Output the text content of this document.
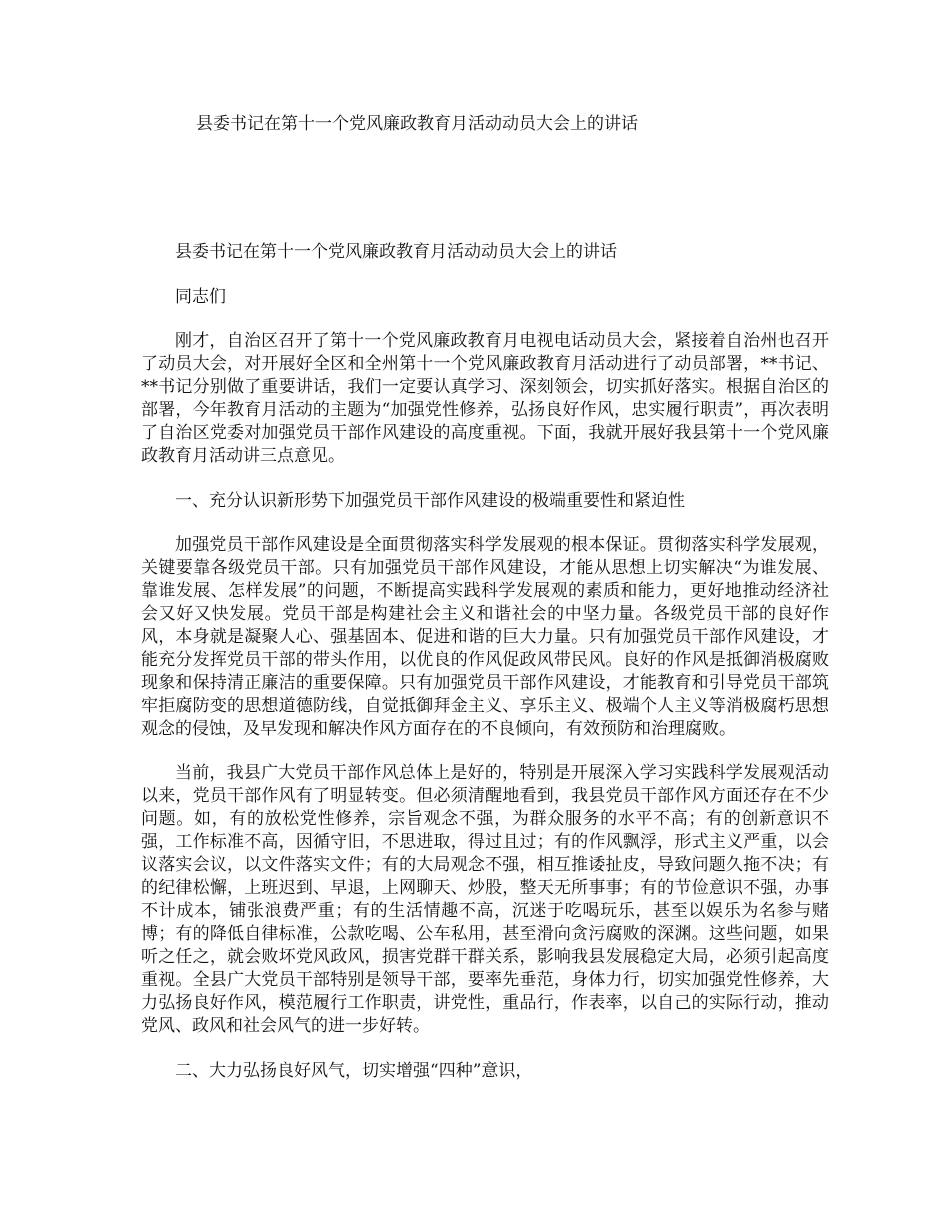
县委书记在第十一个党风廉政教育月活动动员大会上的讲话
县委书记在第十一个党风廉政教育月活动动员大会上的讲话

同志们

刚才，自治区召开了第十一个党风廉政教育月电视电话动员大会，紧接着自治州也召开了动员大会，对开展好全区和全州第十一个党风廉政教育月活动进行了动员部署，**书记、**书记分别做了重要讲话，我们一定要认真学习、深刻领会，切实抓好落实。根据自治区的部署，今年教育月活动的主题为“加强党性修养，弘扬良好作风，忠实履行职责”，再次表明了自治区党委对加强党员干部作风建设的高度重视。下面，我就开展好我县第十一个党风廉政教育月活动讲三点意见。

一、充分认识新形势下加强党员干部作风建设的极端重要性和紧迫性

加强党员干部作风建设是全面贯彻落实科学发展观的根本保证。贯彻落实科学发展观，关键要靠各级党员干部。只有加强党员干部作风建设，才能从思想上切实解决“为谁发展、靠谁发展、怎样发展”的问题，不断提高实践科学发展观的素质和能力，更好地推动经济社会又好又快发展。党员干部是构建社会主义和谐社会的中坚力量。各级党员干部的良好作风，本身就是凝聚人心、强基固本、促进和谐的巨大力量。只有加强党员干部作风建设，才能充分发挥党员干部的带头作用，以优良的作风促政风带民风。良好的作风是抵御消极腐败现象和保持清正廉洁的重要保障。只有加强党员干部作风建设，才能教育和引导党员干部筑牢拒腐防变的思想道德防线，自觉抵御拜金主义、享乐主义、极端个人主义等消极腐朽思想观念的侵蚀，及早发现和解决作风方面存在的不良倾向，有效预防和治理腐败。

当前，我县广大党员干部作风总体上是好的，特别是开展深入学习实践科学发展观活动以来，党员干部作风有了明显转变。但必须清醒地看到，我县党员干部作风方面还存在不少问题。如，有的放松党性修养，宗旨观念不强，为群众服务的水平不高；有的创新意识不强，工作标准不高，因循守旧，不思进取，得过且过；有的作风飘浮，形式主义严重，以会议落实会议，以文件落实文件；有的大局观念不强，相互推诿扯皮，导致问题久拖不决；有的纪律松懈，上班迟到、早退，上网聊天、炒股，整天无所事事；有的节俭意识不强，办事不计成本，铺张浪费严重；有的生活情趣不高，沉迷于吃喝玩乐，甚至以娱乐为名参与赌博；有的降低自律标准，公款吃喝、公车私用，甚至滑向贪污腐败的深渊。这些问题，如果听之任之，就会败坏党风政风，损害党群干群关系，影响我县发展稳定大局，必须引起高度重视。全县广大党员干部特别是领导干部，要率先垂范，身体力行，切实加强党性修养，大力弘扬良好作风，模范履行工作职责，讲党性，重品行，作表率，以自己的实际行动，推动党风、政风和社会风气的进一步好转。

二、大力弘扬良好风气，切实增强“四种”意识，
